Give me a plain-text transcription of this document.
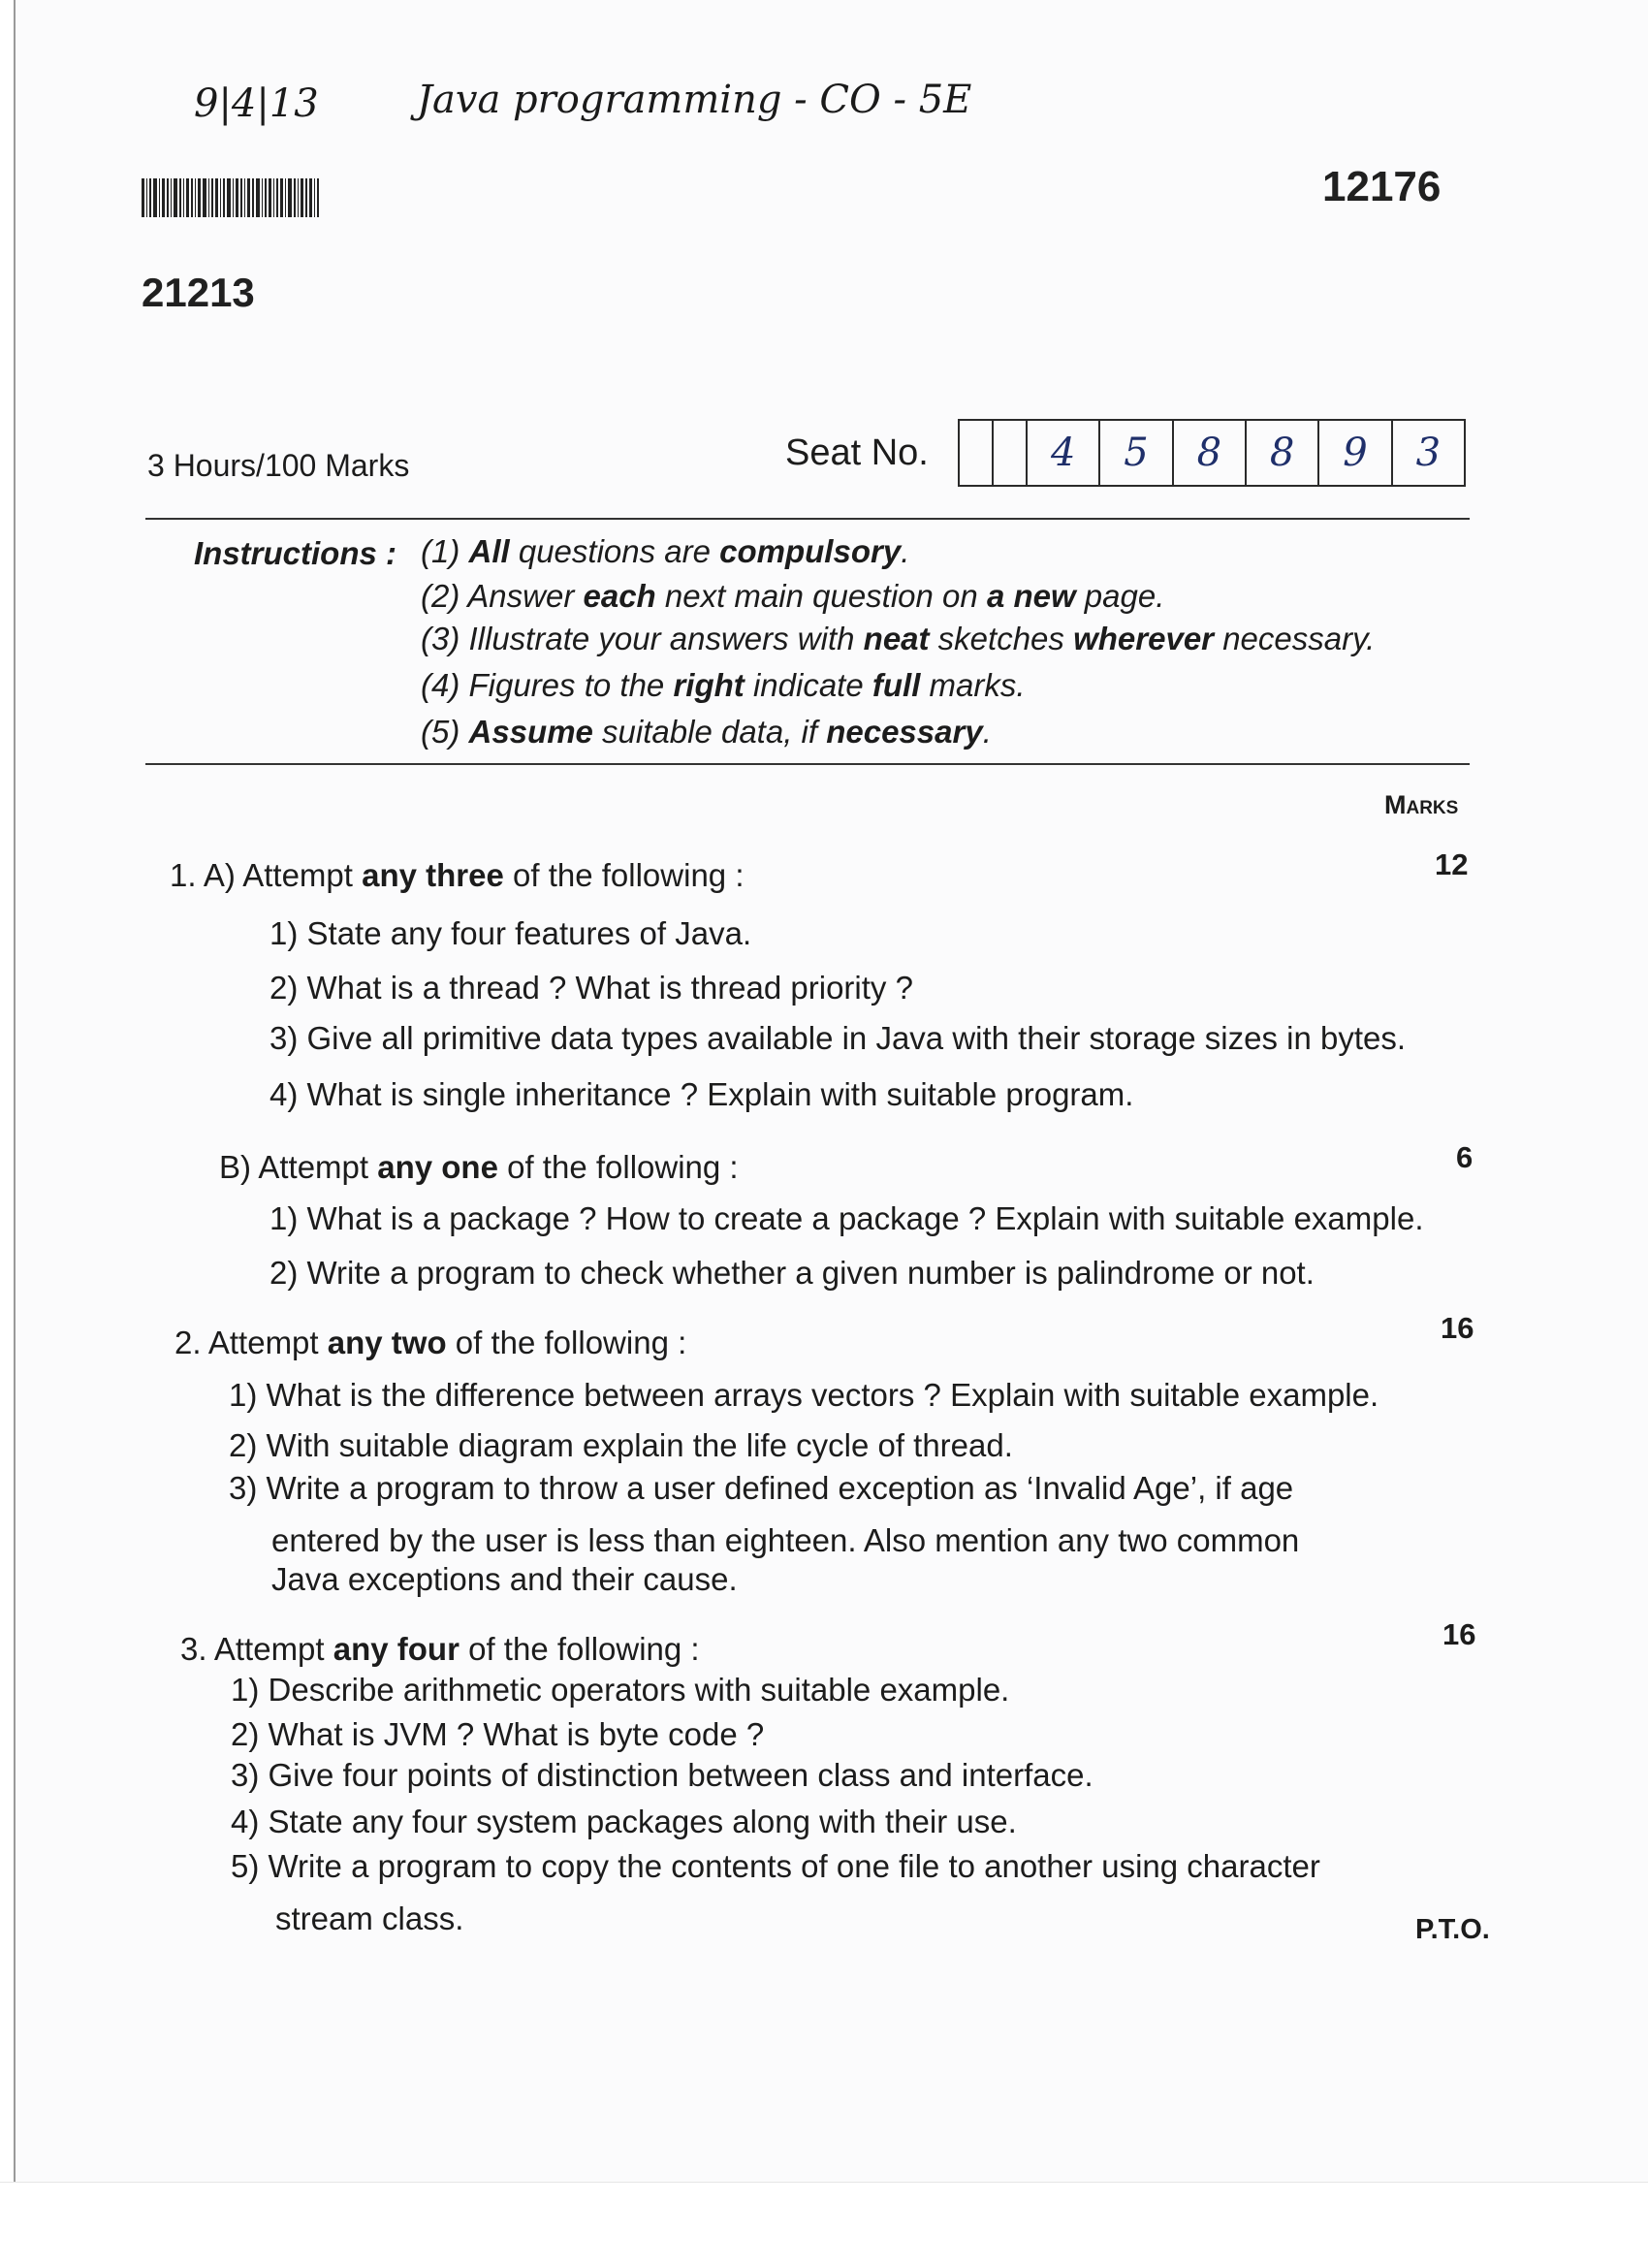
9|4|13	Java programming - CO - 5E
12176
21213
3 Hours/100 Marks	Seat No.	4	5	8	8	9	3
Instructions : (1) All questions are compulsory.
(2) Answer each next main question on a new page.
(3) Illustrate your answers with neat sketches wherever necessary.
(4) Figures to the right indicate full marks.
(5) Assume suitable data, if necessary.
Marks
1. A) Attempt any three of the following :	12
1) State any four features of Java.
2) What is a thread ? What is thread priority ?
3) Give all primitive data types available in Java with their storage sizes in bytes.
4) What is single inheritance ? Explain with suitable program.
B) Attempt any one of the following :	6
1) What is a package ? How to create a package ? Explain with suitable example.
2) Write a program to check whether a given number is palindrome or not.
2. Attempt any two of the following :	16
1) What is the difference between arrays vectors ? Explain with suitable example.
2) With suitable diagram explain the life cycle of thread.
3) Write a program to throw a user defined exception as ‘Invalid Age’, if age
entered by the user is less than eighteen. Also mention any two common
Java exceptions and their cause.
3. Attempt any four of the following :	16
1) Describe arithmetic operators with suitable example.
2) What is JVM ? What is byte code ?
3) Give four points of distinction between class and interface.
4) State any four system packages along with their use.
5) Write a program to copy the contents of one file to another using character
stream class.	P.T.O.
